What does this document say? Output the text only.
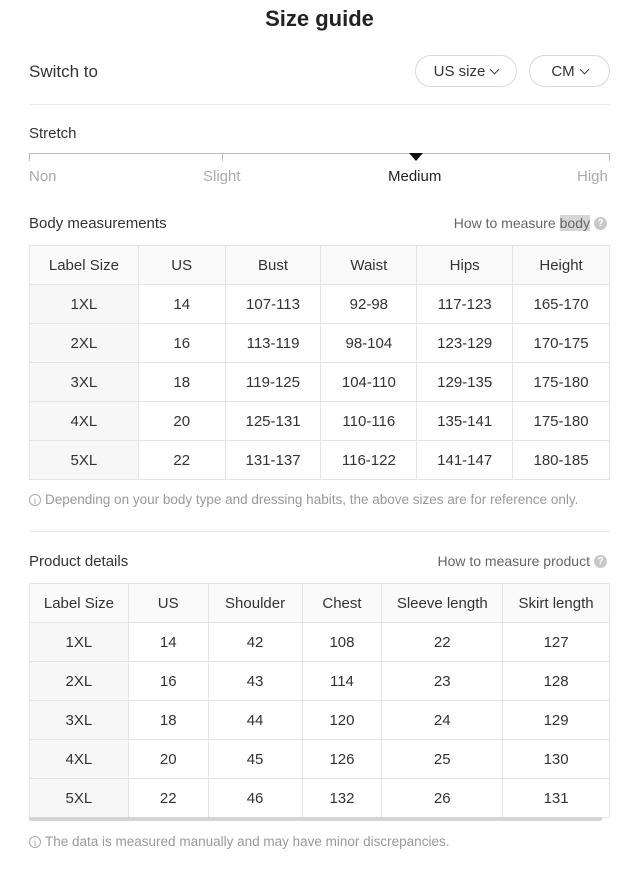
Size guide
Switch to	US size	CM
Stretch
Non	Slight	Medium	High
Body measurements	How to measure body ?
Label Size	US	Bust	Waist	Hips	Height
1XL	14	107-113	92-98	117-123	165-170
2XL	16	113-119	98-104	123-129	170-175
3XL	18	119-125	104-110	129-135	175-180
4XL	20	125-131	110-116	135-141	175-180
5XL	22	131-137	116-122	141-147	180-185
i Depending on your body type and dressing habits, the above sizes are for reference only.
Product details	How to measure product ?
Label Size	US	Shoulder	Chest	Sleeve length	Skirt length
1XL	14	42	108	22	127
2XL	16	43	114	23	128
3XL	18	44	120	24	129
4XL	20	45	126	25	130
5XL	22	46	132	26	131
i The data is measured manually and may have minor discrepancies.
